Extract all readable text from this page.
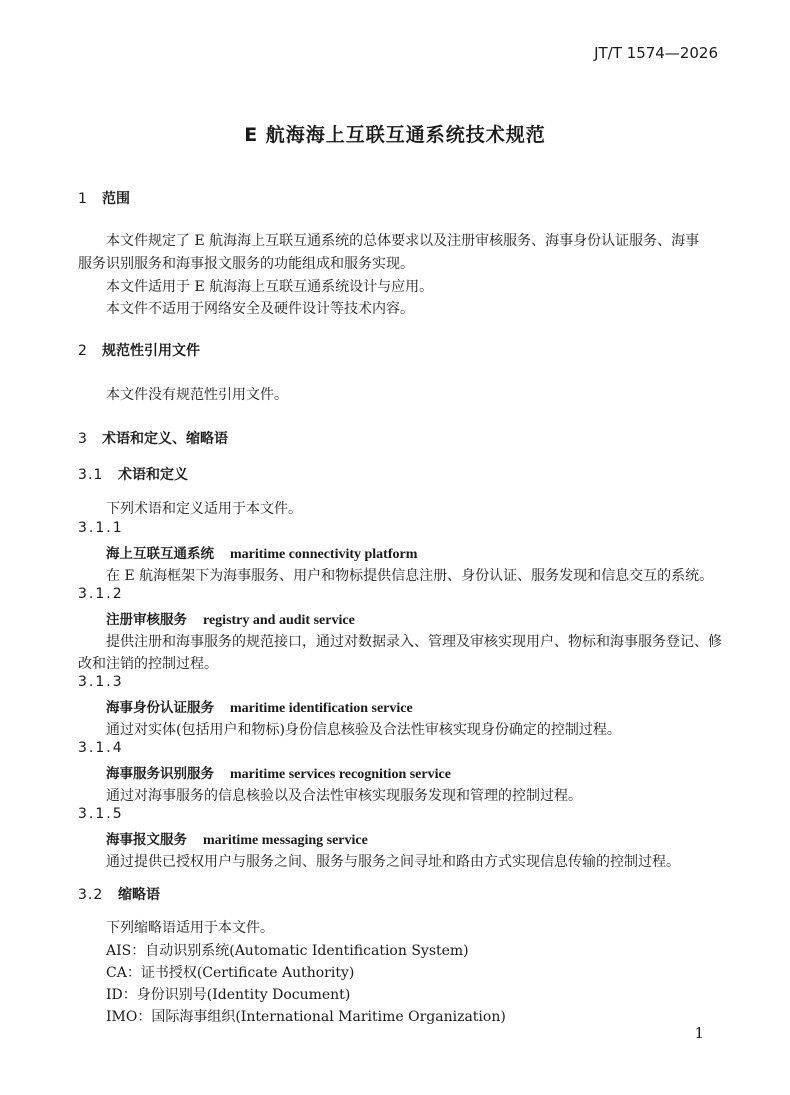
JT/T 1574—2026
E 航海海上互联互通系统技术规范
1 范围
本文件规定了 E 航海海上互联互通系统的总体要求以及注册审核服务、海事身份认证服务、海事
服务识别服务和海事报文服务的功能组成和服务实现。
本文件适用于 E 航海海上互联互通系统设计与应用。
本文件不适用于网络安全及硬件设计等技术内容。
2 规范性引用文件
本文件没有规范性引用文件。
3 术语和定义、缩略语
3.1 术语和定义
下列术语和定义适用于本文件。
3.1.1
海上互联互通系统 maritime connectivity platform
在 E 航海框架下为海事服务、用户和物标提供信息注册、身份认证、服务发现和信息交互的系统。
3.1.2
注册审核服务 registry and audit service
提供注册和海事服务的规范接口，通过对数据录入、管理及审核实现用户、物标和海事服务登记、修
改和注销的控制过程。
3.1.3
海事身份认证服务 maritime identification service
通过对实体(包括用户和物标)身份信息核验及合法性审核实现身份确定的控制过程。
3.1.4
海事服务识别服务 maritime services recognition service
通过对海事服务的信息核验以及合法性审核实现服务发现和管理的控制过程。
3.1.5
海事报文服务 maritime messaging service
通过提供已授权用户与服务之间、服务与服务之间寻址和路由方式实现信息传输的控制过程。
3.2 缩略语
下列缩略语适用于本文件。
AIS：自动识别系统(Automatic Identification System)
CA：证书授权(Certificate Authority)
ID：身份识别号(Identity Document)
IMO：国际海事组织(International Maritime Organization)
1
